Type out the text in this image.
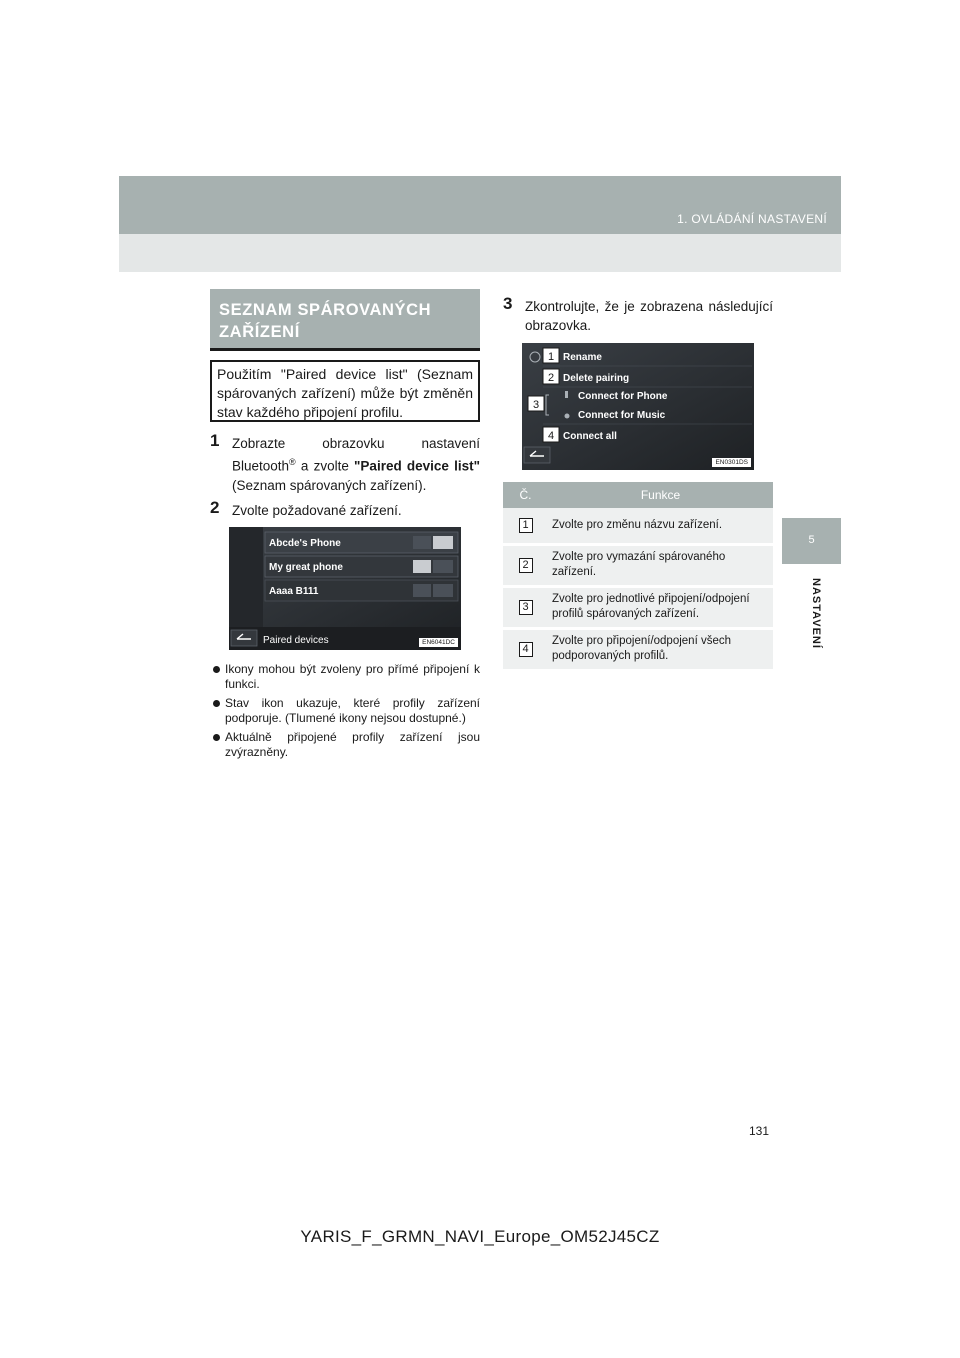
1. OVLÁDÁNÍ NASTAVENÍ
5
NASTAVENÍ
SEZNAM SPÁROVANÝCH ZAŘÍZENÍ
Použitím "Paired device list" (Seznam spárovaných zařízení) může být změněn stav každého připojení profilu.
1 Zobrazte obrazovku nastavení Bluetooth® a zvolte "Paired device list" (Seznam spárovaných zařízení).
2 Zvolte požadované zařízení.
Abcde's Phone
My great phone
Aaaa B111
Paired devices	EN6041DC
Ikony mohou být zvoleny pro přímé připojení k funkci.
Stav ikon ukazuje, které profily zařízení podporuje. (Tlumené ikony nejsou dostupné.)
Aktuálně připojené profily zařízení jsou zvýrazněny.
3 Zkontrolujte, že je zobrazena následující obrazovka.
1 Rename
2 Delete pairing
3
Connect for Phone
Connect for Music
4 Connect all
EN0301DS
Č.	Funkce
1	Zvolte pro změnu názvu zařízení.
2	Zvolte pro vymazání spárovaného zařízení.
3	Zvolte pro jednotlivé připojení/odpojení profilů spárovaných zařízení.
4	Zvolte pro připojení/odpojení všech podporovaných profilů.
131
YARIS_F_GRMN_NAVI_Europe_OM52J45CZ
